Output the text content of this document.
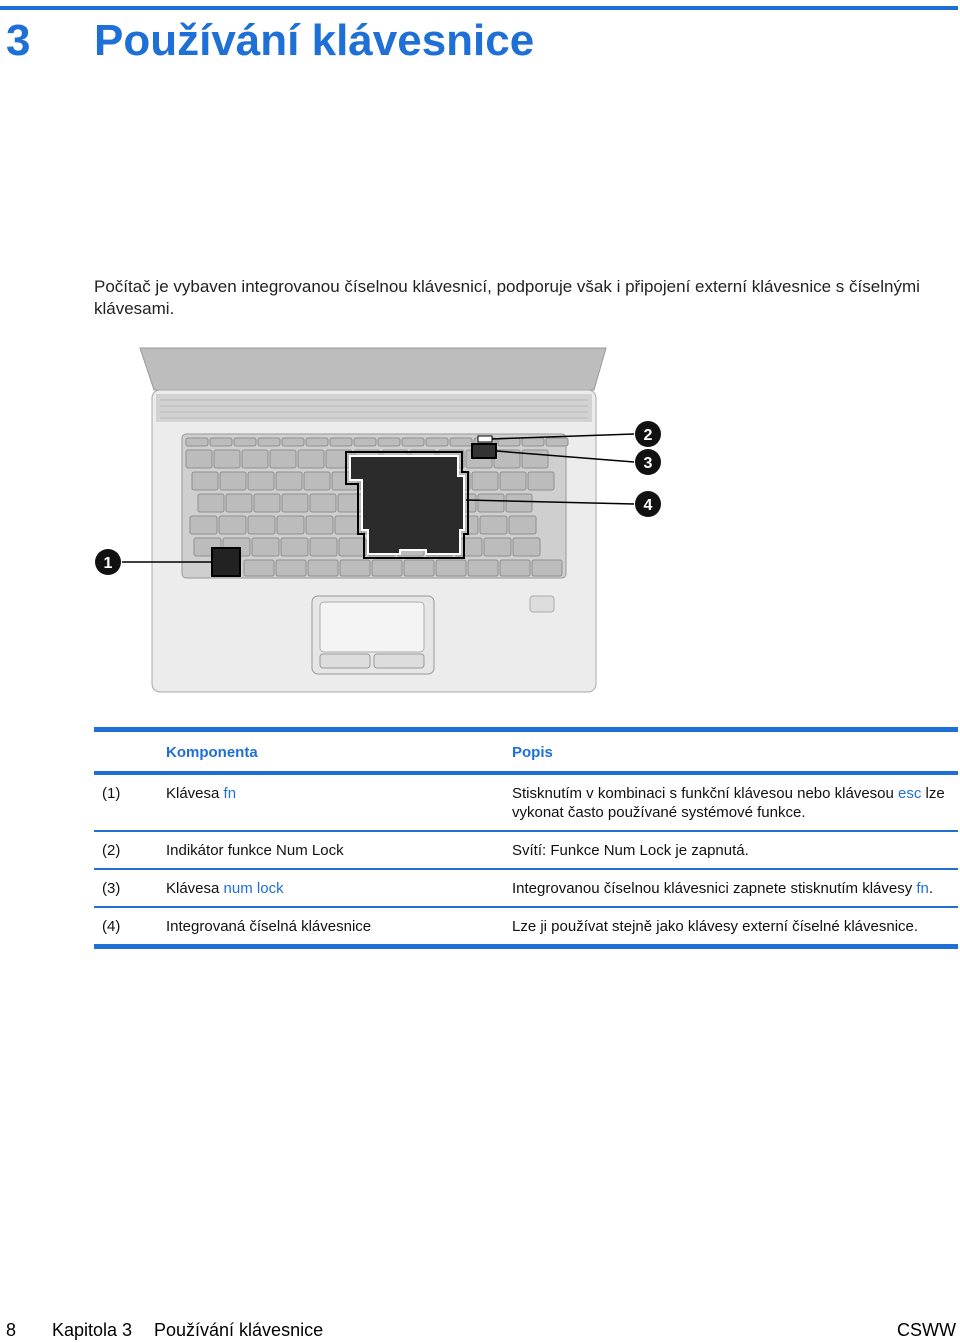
3 Používání klávesnice

Počítač je vybaven integrovanou číselnou klávesnicí, podporuje však i připojení externí klávesnice s číselnými klávesami.

1
2
3
4
	Komponenta	Popis
(1)	Klávesa fn	Stisknutím v kombinaci s funkční klávesou nebo klávesou esc lze vykonat často používané systémové funkce.
(2)	Indikátor funkce Num Lock	Svítí: Funkce Num Lock je zapnutá.
(3)	Klávesa num lock	Integrovanou číselnou klávesnici zapnete stisknutím klávesy fn.
(4)	Integrovaná číselná klávesnice	Lze ji používat stejně jako klávesy externí číselné klávesnice.
8 Kapitola 3 Používání klávesnice	CSWW
